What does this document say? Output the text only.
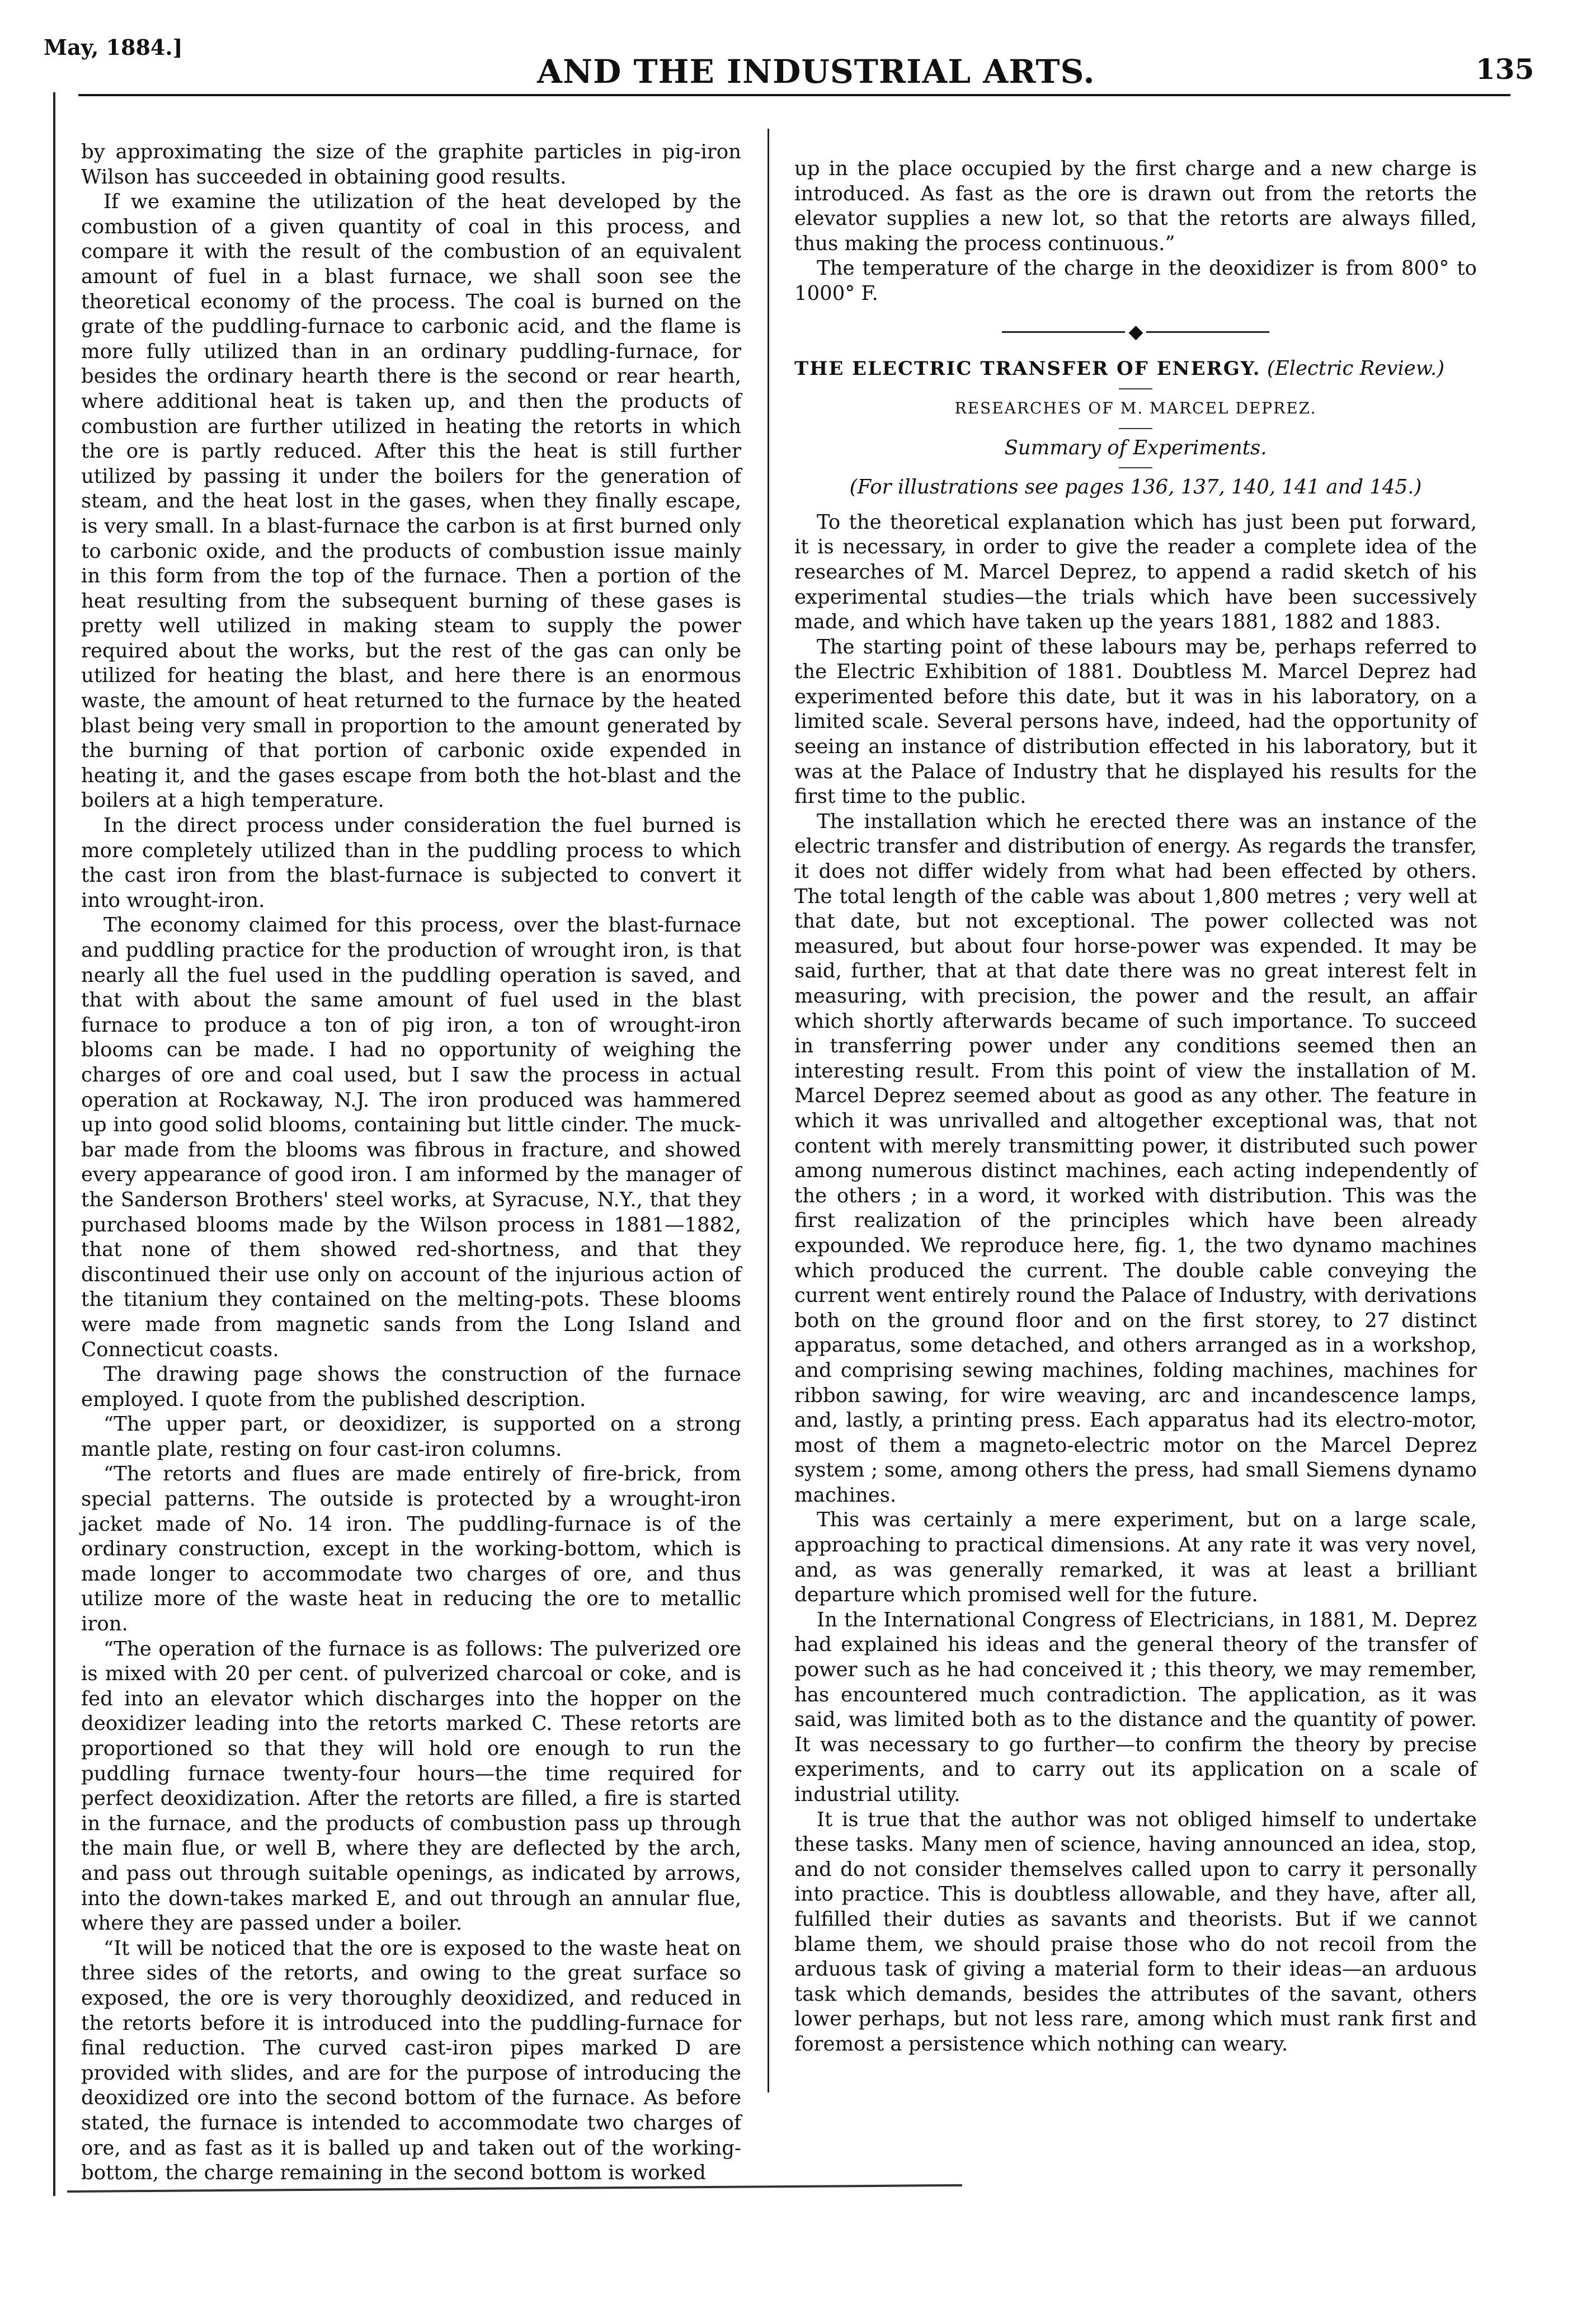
May, 1884.]
AND THE INDUSTRIAL ARTS.	135

by approximating the size of the graphite particles in pig-iron Wilson has succeeded in obtaining good results.

If we examine the utilization of the heat developed by the combustion of a given quantity of coal in this process, and compare it with the result of the combustion of an equivalent amount of fuel in a blast furnace, we shall soon see the theoretical economy of the process. The coal is burned on the grate of the puddling-furnace to carbonic acid, and the flame is more fully utilized than in an ordinary puddling-furnace, for besides the ordinary hearth there is the second or rear hearth, where additional heat is taken up, and then the products of combustion are further utilized in heating the retorts in which the ore is partly reduced. After this the heat is still further utilized by passing it under the boilers for the generation of steam, and the heat lost in the gases, when they finally escape, is very small. In a blast-furnace the carbon is at first burned only to carbonic oxide, and the products of combustion issue mainly in this form from the top of the furnace. Then a portion of the heat resulting from the subsequent burning of these gases is pretty well utilized in making steam to supply the power required about the works, but the rest of the gas can only be utilized for heating the blast, and here there is an enormous waste, the amount of heat returned to the furnace by the heated blast being very small in proportion to the amount generated by the burning of that portion of carbonic oxide expended in heating it, and the gases escape from both the hot-blast and the boilers at a high temperature.

In the direct process under consideration the fuel burned is more completely utilized than in the puddling process to which the cast iron from the blast-furnace is subjected to convert it into wrought-iron.

The economy claimed for this process, over the blast-furnace and puddling practice for the production of wrought iron, is that nearly all the fuel used in the puddling operation is saved, and that with about the same amount of fuel used in the blast furnace to produce a ton of pig iron, a ton of wrought-iron blooms can be made. I had no opportunity of weighing the charges of ore and coal used, but I saw the process in actual operation at Rockaway, N.J. The iron produced was hammered up into good solid blooms, containing but little cinder. The muck-bar made from the blooms was fibrous in fracture, and showed every appearance of good iron. I am informed by the manager of the Sanderson Brothers' steel works, at Syracuse, N.Y., that they purchased blooms made by the Wilson process in 1881—1882, that none of them showed red-shortness, and that they discontinued their use only on account of the injurious action of the titanium they contained on the melting-pots. These blooms were made from magnetic sands from the Long Island and Connecticut coasts.

The drawing page shows the construction of the furnace employed. I quote from the published description.

“The upper part, or deoxidizer, is supported on a strong mantle plate, resting on four cast-iron columns.

“The retorts and flues are made entirely of fire-brick, from special patterns. The outside is protected by a wrought-iron jacket made of No. 14 iron. The puddling-furnace is of the ordinary construction, except in the working-bottom, which is made longer to accommodate two charges of ore, and thus utilize more of the waste heat in reducing the ore to metallic iron.

“The operation of the furnace is as follows: The pulverized ore is mixed with 20 per cent. of pulverized charcoal or coke, and is fed into an elevator which discharges into the hopper on the deoxidizer leading into the retorts marked C. These retorts are proportioned so that they will hold ore enough to run the puddling furnace twenty-four hours—the time required for perfect deoxidization. After the retorts are filled, a fire is started in the furnace, and the products of combustion pass up through the main flue, or well B, where they are deflected by the arch, and pass out through suitable openings, as indicated by arrows, into the down-takes marked E, and out through an annular flue, where they are passed under a boiler.

“It will be noticed that the ore is exposed to the waste heat on three sides of the retorts, and owing to the great surface so exposed, the ore is very thoroughly deoxidized, and reduced in the retorts before it is introduced into the puddling-furnace for final reduction. The curved cast-iron pipes marked D are provided with slides, and are for the purpose of introducing the deoxidized ore into the second bottom of the furnace. As before stated, the furnace is intended to accommodate two charges of ore, and as fast as it is balled up and taken out of the working-bottom, the charge remaining in the second bottom is worked

up in the place occupied by the first charge and a new charge is introduced. As fast as the ore is drawn out from the retorts the elevator supplies a new lot, so that the retorts are always filled, thus making the process continuous.”

The temperature of the charge in the deoxidizer is from 800° to 1000° F.

◆

THE ELECTRIC TRANSFER OF ENERGY. (Electric Review.)

RESEARCHES OF M. MARCEL DEPREZ.

Summary of Experiments.

(For illustrations see pages 136, 137, 140, 141 and 145.)

To the theoretical explanation which has just been put forward, it is necessary, in order to give the reader a complete idea of the researches of M. Marcel Deprez, to append a radid sketch of his experimental studies—the trials which have been successively made, and which have taken up the years 1881, 1882 and 1883.

The starting point of these labours may be, perhaps referred to the Electric Exhibition of 1881. Doubtless M. Marcel Deprez had experimented before this date, but it was in his laboratory, on a limited scale. Several persons have, indeed, had the opportunity of seeing an instance of distribution effected in his laboratory, but it was at the Palace of Industry that he displayed his results for the first time to the public.

The installation which he erected there was an instance of the electric transfer and distribution of energy. As regards the transfer, it does not differ widely from what had been effected by others. The total length of the cable was about 1,800 metres ; very well at that date, but not exceptional. The power collected was not measured, but about four horse-power was expended. It may be said, further, that at that date there was no great interest felt in measuring, with precision, the power and the result, an affair which shortly afterwards became of such importance. To succeed in transferring power under any conditions seemed then an interesting result. From this point of view the installation of M. Marcel Deprez seemed about as good as any other. The feature in which it was unrivalled and altogether exceptional was, that not content with merely transmitting power, it distributed such power among numerous distinct machines, each acting independently of the others ; in a word, it worked with distribution. This was the first realization of the principles which have been already expounded. We reproduce here, fig. 1, the two dynamo machines which produced the current. The double cable conveying the current went entirely round the Palace of Industry, with derivations both on the ground floor and on the first storey, to 27 distinct apparatus, some detached, and others arranged as in a workshop, and comprising sewing machines, folding machines, machines for ribbon sawing, for wire weaving, arc and incandescence lamps, and, lastly, a printing press. Each apparatus had its electro-motor, most of them a magneto-electric motor on the Marcel Deprez system ; some, among others the press, had small Siemens dynamo machines.

This was certainly a mere experiment, but on a large scale, approaching to practical dimensions. At any rate it was very novel, and, as was generally remarked, it was at least a brilliant departure which promised well for the future.

In the International Congress of Electricians, in 1881, M. Deprez had explained his ideas and the general theory of the transfer of power such as he had conceived it ; this theory, we may remember, has encountered much contradiction. The application, as it was said, was limited both as to the distance and the quantity of power. It was necessary to go further—to confirm the theory by precise experiments, and to carry out its application on a scale of industrial utility.

It is true that the author was not obliged himself to undertake these tasks. Many men of science, having announced an idea, stop, and do not consider themselves called upon to carry it personally into practice. This is doubtless allowable, and they have, after all, fulfilled their duties as savants and theorists. But if we cannot blame them, we should praise those who do not recoil from the arduous task of giving a material form to their ideas—an arduous task which demands, besides the attributes of the savant, others lower perhaps, but not less rare, among which must rank first and foremost a persistence which nothing can weary.
